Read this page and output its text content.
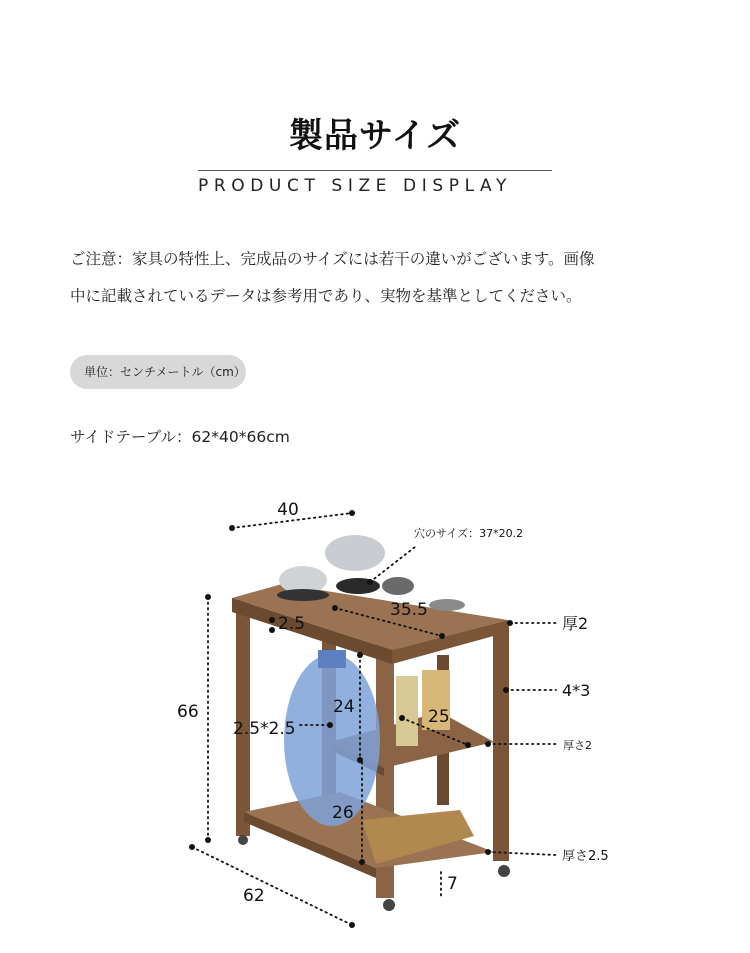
製品サイズ
PRODUCT SIZE DISPLAY
ご注意：家具の特性上、完成品のサイズには若干の違いがございます。画像
中に記載されているデータは参考用であり、実物を基準としてください。
単位：センチメートル（cm）
サイドテーブル：62*40*66cm
40
66
62
穴のサイズ：37*20.2
35.5
2.5	厚2
4*3
2.5*2.5
24	25
厚さ2
26
厚さ2.5
7
